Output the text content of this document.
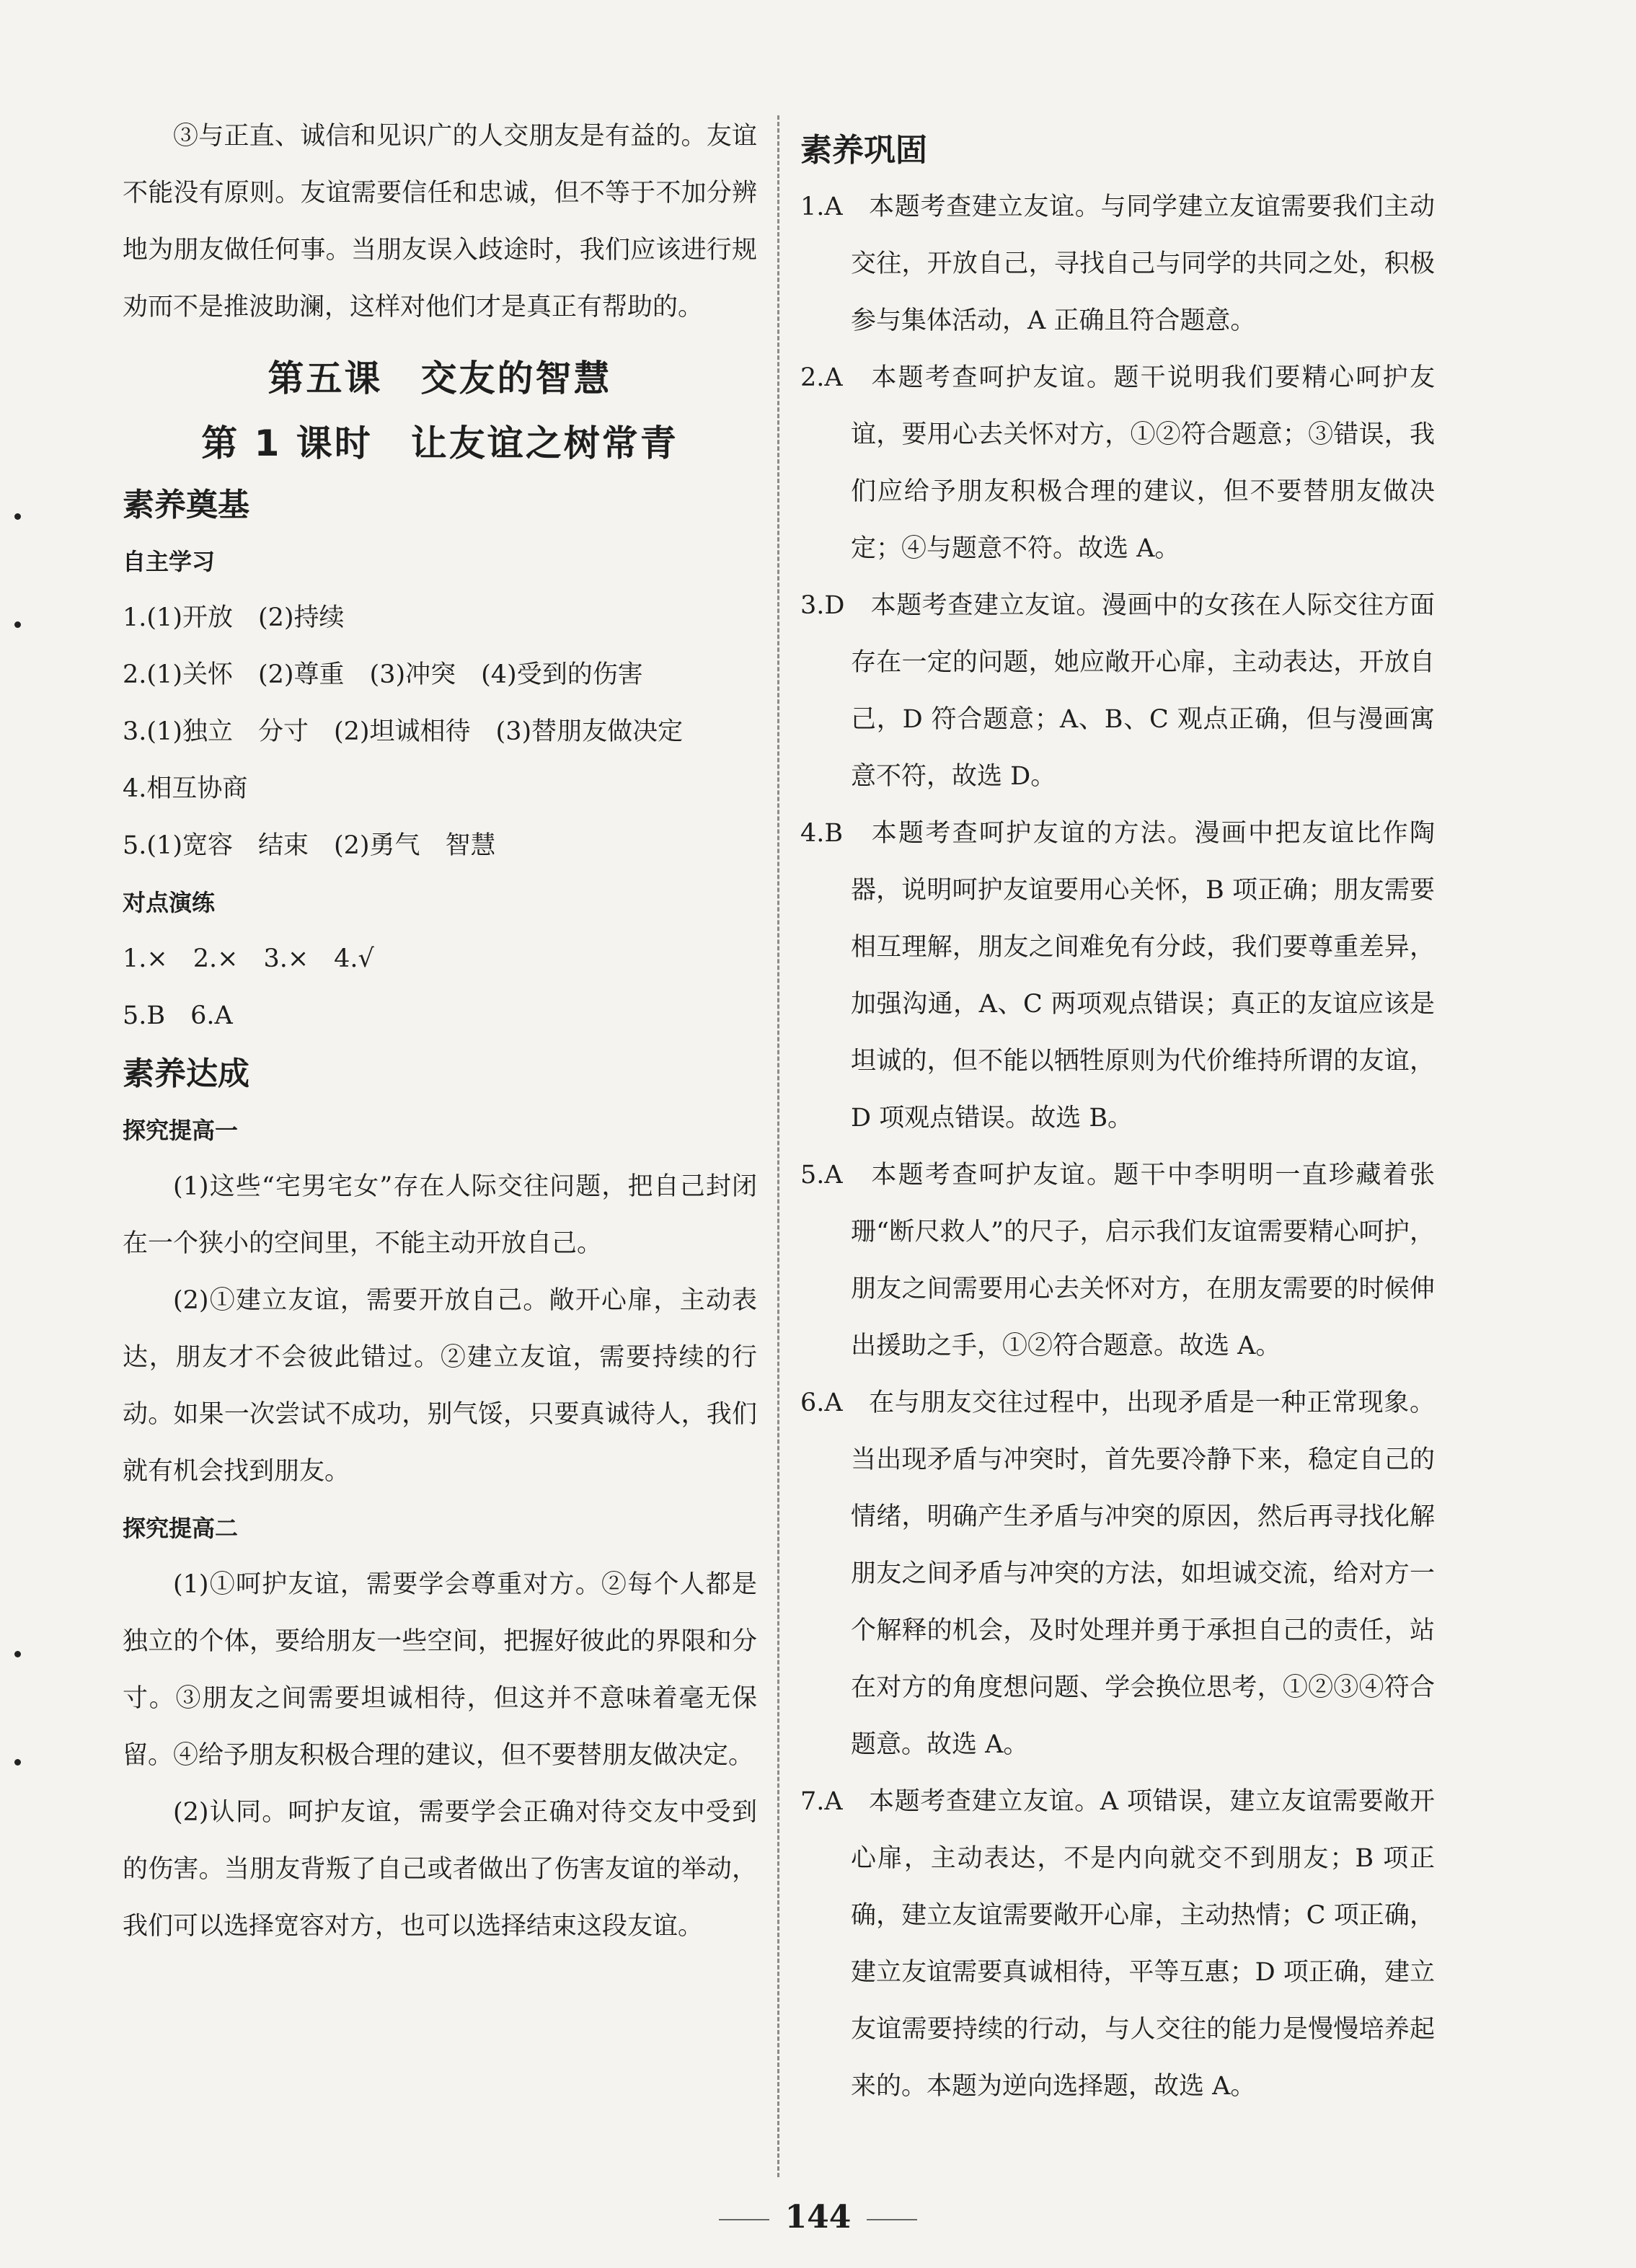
③与正直、诚信和见识广的人交朋友是有益的。友谊不能没有原则。友谊需要信任和忠诚，但不等于不加分辨地为朋友做任何事。当朋友误入歧途时，我们应该进行规劝而不是推波助澜，这样对他们才是真正有帮助的。

第五课　交友的智慧
第 1 课时　让友谊之树常青
素养奠基
自主学习

1.(1)开放　(2)持续

2.(1)关怀　(2)尊重　(3)冲突　(4)受到的伤害

3.(1)独立　分寸　(2)坦诚相待　(3)替朋友做决定

4.相互协商

5.(1)宽容　结束　(2)勇气　智慧

对点演练

1.×　2.×　3.×　4.√

5.B　6.A

素养达成
探究提高一

(1)这些“宅男宅女”存在人际交往问题，把自己封闭在一个狭小的空间里，不能主动开放自己。

(2)①建立友谊，需要开放自己。敞开心扉，主动表达，朋友才不会彼此错过。②建立友谊，需要持续的行动。如果一次尝试不成功，别气馁，只要真诚待人，我们就有机会找到朋友。

探究提高二

(1)①呵护友谊，需要学会尊重对方。②每个人都是独立的个体，要给朋友一些空间，把握好彼此的界限和分寸。③朋友之间需要坦诚相待，但这并不意味着毫无保留。④给予朋友积极合理的建议，但不要替朋友做决定。

(2)认同。呵护友谊，需要学会正确对待交友中受到的伤害。当朋友背叛了自己或者做出了伤害友谊的举动，我们可以选择宽容对方，也可以选择结束这段友谊。

素养巩固

1.A　本题考查建立友谊。与同学建立友谊需要我们主动交往，开放自己，寻找自己与同学的共同之处，积极参与集体活动，A 正确且符合题意。

2.A　本题考查呵护友谊。题干说明我们要精心呵护友谊，要用心去关怀对方，①②符合题意；③错误，我们应给予朋友积极合理的建议，但不要替朋友做决定；④与题意不符。故选 A。

3.D　本题考查建立友谊。漫画中的女孩在人际交往方面存在一定的问题，她应敞开心扉，主动表达，开放自己，D 符合题意；A、B、C 观点正确，但与漫画寓意不符，故选 D。

4.B　本题考查呵护友谊的方法。漫画中把友谊比作陶器，说明呵护友谊要用心关怀，B 项正确；朋友需要相互理解，朋友之间难免有分歧，我们要尊重差异，加强沟通，A、C 两项观点错误；真正的友谊应该是坦诚的，但不能以牺牲原则为代价维持所谓的友谊，D 项观点错误。故选 B。

5.A　本题考查呵护友谊。题干中李明明一直珍藏着张珊“断尺救人”的尺子，启示我们友谊需要精心呵护，朋友之间需要用心去关怀对方，在朋友需要的时候伸出援助之手，①②符合题意。故选 A。

6.A　在与朋友交往过程中，出现矛盾是一种正常现象。当出现矛盾与冲突时，首先要冷静下来，稳定自己的情绪，明确产生矛盾与冲突的原因，然后再寻找化解朋友之间矛盾与冲突的方法，如坦诚交流，给对方一个解释的机会，及时处理并勇于承担自己的责任，站在对方的角度想问题、学会换位思考，①②③④符合题意。故选 A。

7.A　本题考查建立友谊。A 项错误，建立友谊需要敞开心扉，主动表达，不是内向就交不到朋友；B 项正确，建立友谊需要敞开心扉，主动热情；C 项正确，建立友谊需要真诚相待，平等互惠；D 项正确，建立友谊需要持续的行动，与人交往的能力是慢慢培养起来的。本题为逆向选择题，故选 A。

144
